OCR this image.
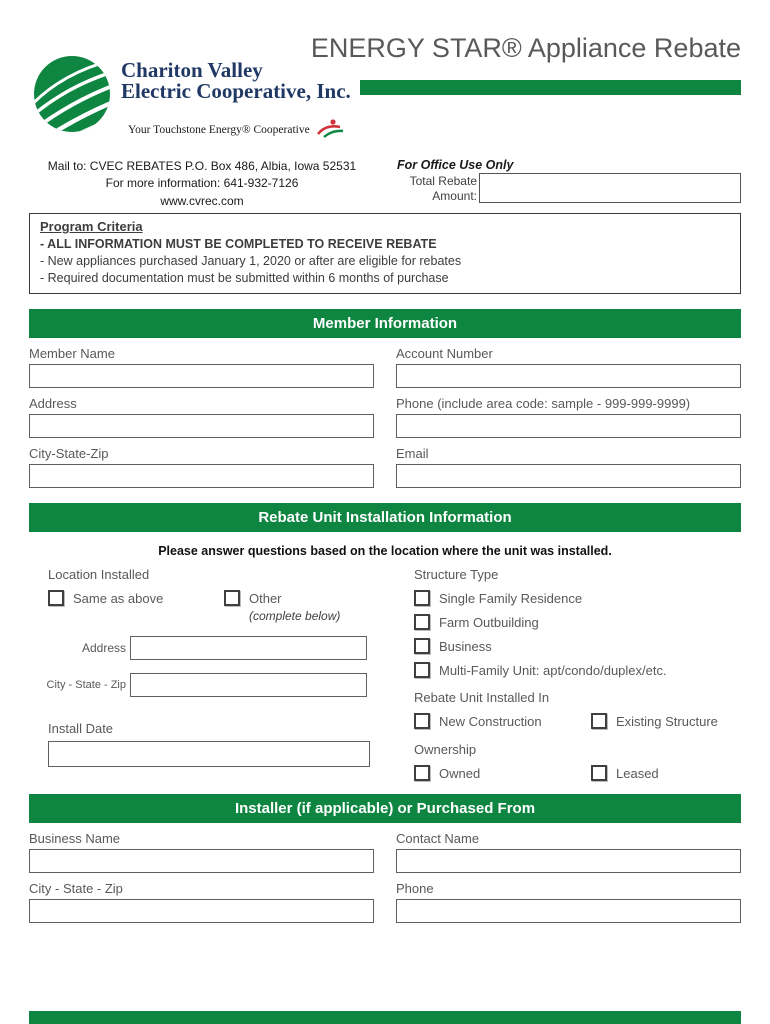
ENERGY STAR® Appliance Rebate
Chariton Valley
Electric Cooperative, Inc.
Your Touchstone Energy® Cooperative
Mail to: CVEC REBATES P.O. Box 486, Albia, Iowa 52531
For more information: 641-932-7126
www.cvrec.com
For Office Use Only
Total Rebate
Amount:
Program Criteria
- ALL INFORMATION MUST BE COMPLETED TO RECEIVE REBATE
- New appliances purchased January 1, 2020 or after are eligible for rebates
- Required documentation must be submitted within 6 months of purchase
Member Information
Member Name	Account Number
Address	Phone (include area code: sample - 999-999-9999)
City-State-Zip	Email
Rebate Unit Installation Information
Please answer questions based on the location where the unit was installed.
Location Installed
Same as above	Other
(complete below)
Address
City - State - Zip
Install Date
Structure Type
Single Family Residence
Farm Outbuilding
Business
Multi-Family Unit: apt/condo/duplex/etc.
Rebate Unit Installed In
New Construction	Existing Structure
Ownership
Owned	Leased
Installer (if applicable) or Purchased From
Business Name	Contact Name
City - State - Zip	Phone
